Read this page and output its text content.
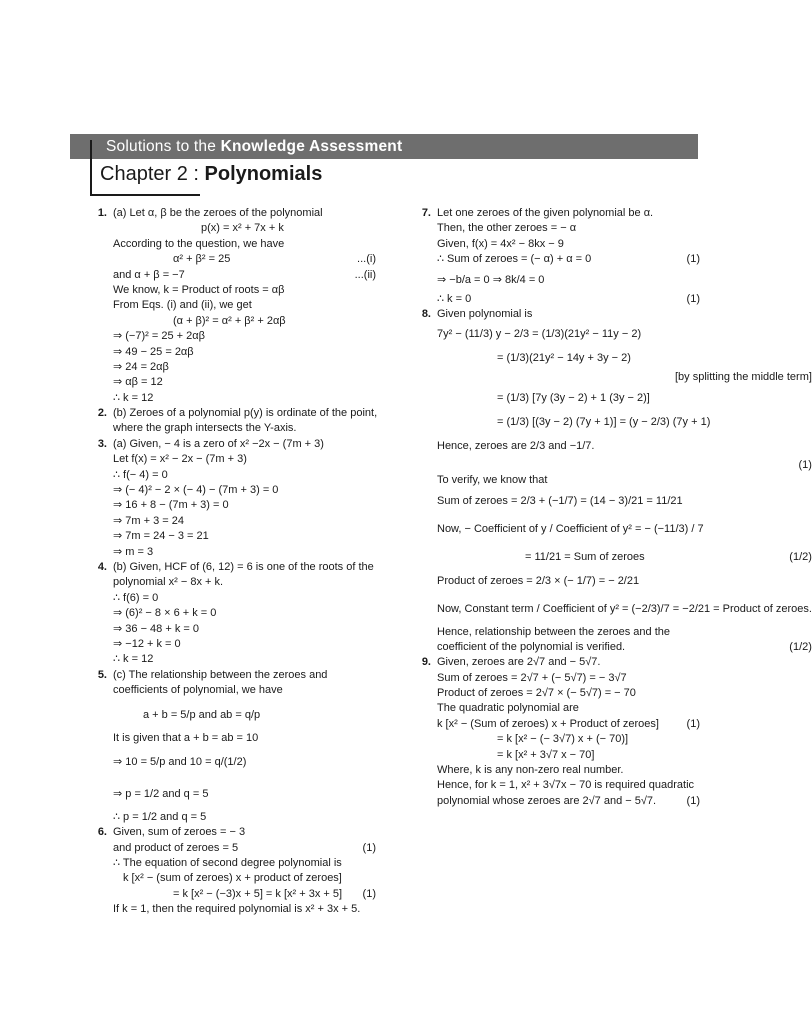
Solutions to the Knowledge Assessment
Chapter 2 : Polynomials
1. (a) Let α, β be the zeroes of the polynomial
p(x) = x² + 7x + k
According to the question, we have
α² + β² = 25	...(i)
and α + β = −7	...(ii)
We know, k = Product of roots = αβ
From Eqs. (i) and (ii), we get
(α + β)² = α² + β² + 2αβ
⇒ (−7)² = 25 + 2αβ
⇒ 49 − 25 = 2αβ
⇒ 24 = 2αβ
⇒ αβ = 12
∴ k = 12
2. (b) Zeroes of a polynomial p(y) is ordinate of the point,
where the graph intersects the Y-axis.
3. (a) Given, − 4 is a zero of x² −2x − (7m + 3)
Let f(x) = x² − 2x − (7m + 3)
∴ f(− 4) = 0
⇒ (− 4)² − 2 × (− 4) − (7m + 3) = 0
⇒ 16 + 8 − (7m + 3) = 0
⇒ 7m + 3 = 24
⇒ 7m = 24 − 3 = 21
⇒ m = 3
4. (b) Given, HCF of (6, 12) = 6 is one of the roots of the
polynomial x² − 8x + k.
∴ f(6) = 0
⇒ (6)² − 8 × 6 + k = 0
⇒ 36 − 48 + k = 0
⇒ −12 + k = 0
∴ k = 12
5. (c) The relationship between the zeroes and
coefficients of polynomial, we have
a + b = 5/p and ab = q/p
It is given that a + b = ab = 10
⇒ 10 = 5/p and 10 = q/(1/2)
⇒ p = 1/2 and q = 5
∴ p = 1/2 and q = 5
6. Given, sum of zeroes = − 3
and product of zeroes = 5	(1)
∴ The equation of second degree polynomial is
k [x² − (sum of zeroes) x + product of zeroes]
= k [x² − (−3)x + 5] = k [x² + 3x + 5] (1)
If k = 1, then the required polynomial is x² + 3x + 5.
7. Let one zeroes of the given polynomial be α.
Then, the other zeroes = − α
Given, f(x) = 4x² − 8kx − 9
∴ Sum of zeroes = (− α) + α = 0	(1)
⇒ −b/a = 0 ⇒ 8k/4 = 0
∴ k = 0	(1)
8. Given polynomial is
7y² − (11/3) y − 2/3 = (1/3)(21y² − 11y − 2)
= (1/3)(21y² − 14y + 3y − 2)
[by splitting the middle term]
= (1/3) [7y (3y − 2) + 1 (3y − 2)]
= (1/3) [(3y − 2) (7y + 1)] = (y − 2/3) (7y + 1)
Hence, zeroes are 2/3 and −1/7.
(1)
To verify, we know that
Sum of zeroes = 2/3 + (−1/7) = (14 − 3)/21 = 11/21
Now, − Coefficient of y / Coefficient of y² = − (−11/3) / 7
= 11/21 = Sum of zeroes	(1/2)
Product of zeroes = 2/3 × (− 1/7) = − 2/21
Now, Constant term / Coefficient of y² = (−2/3)/7 = −2/21 = Product of zeroes.
Hence, relationship between the zeroes and the
coefficient of the polynomial is verified.	(1/2)
9. Given, zeroes are 2√7 and − 5√7.
Sum of zeroes = 2√7 + (− 5√7) = − 3√7
Product of zeroes = 2√7 × (− 5√7) = − 70
The quadratic polynomial are
k [x² − (Sum of zeroes) x + Product of zeroes]	(1)
= k [x² − (− 3√7) x + (− 70)]
= k [x² + 3√7 x − 70]
Where, k is any non-zero real number.
Hence, for k = 1, x² + 3√7x − 70 is required quadratic
polynomial whose zeroes are 2√7 and − 5√7.	(1)
